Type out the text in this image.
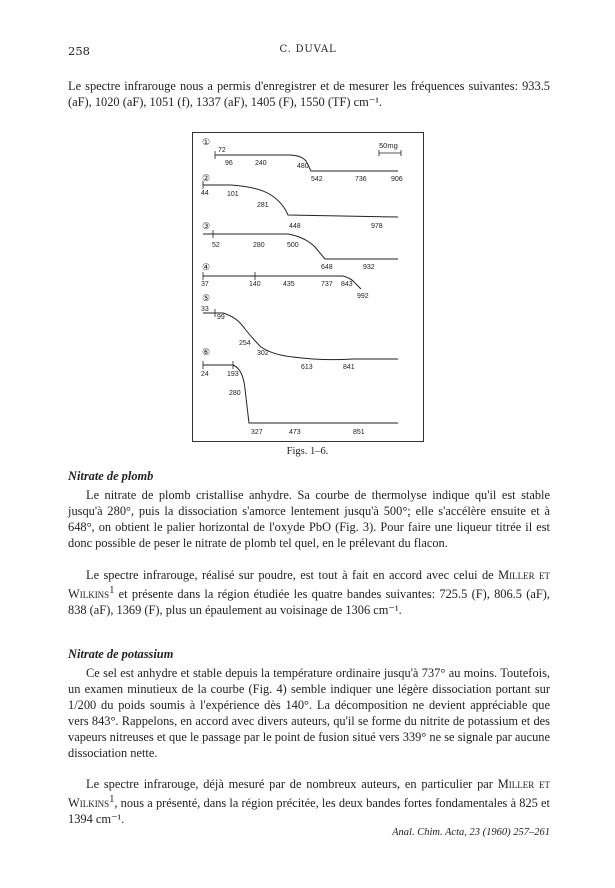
258	C. DUVAL

Le spectre infrarouge nous a permis d'enregistrer et de mesurer les fréquences suivantes: 933.5 (aF), 1020 (aF), 1051 (f), 1337 (aF), 1405 (F), 1550 (TF) cm⁻¹.

50mg
①
72
96	240	480
542	736	906
②
44	101
281
448	978
③
52	280	500
648	932
④
37	140	435	737 843
992
⑤
33
99
254
302
613	841
⑥
24	193
280
327	473	851
Figs. 1–6.
Nitrate de plomb

Le nitrate de plomb cristallise anhydre. Sa courbe de thermolyse indique qu'il est stable jusqu'à 280°, puis la dissociation s'amorce lentement jusqu'à 500°; elle s'accélère ensuite et à 648°, on obtient le palier horizontal de l'oxyde PbO (Fig. 3). Pour faire une liqueur titrée il est donc possible de peser le nitrate de plomb tel quel, en le prélevant du flacon.

Le spectre infrarouge, réalisé sur poudre, est tout à fait en accord avec celui de Miller et Wilkins$^1$ et présente dans la région étudiée les quatre bandes suivantes: 725.5 (F), 806.5 (aF), 838 (aF), 1369 (F), plus un épaulement au voisinage de 1306 cm⁻¹.

Nitrate de potassium

Ce sel est anhydre et stable depuis la température ordinaire jusqu'à 737° au moins. Toutefois, un examen minutieux de la courbe (Fig. 4) semble indiquer une légère dissociation portant sur 1/200 du poids soumis à l'expérience dès 140°. La décomposition ne devient appréciable que vers 843°. Rappelons, en accord avec divers auteurs, qu'il se forme du nitrite de potassium et des vapeurs nitreuses et que le passage par le point de fusion situé vers 339° ne se signale par aucune dissociation nette.

Le spectre infrarouge, déjà mesuré par de nombreux auteurs, en particulier par Miller et Wilkins$^1$, nous a présenté, dans la région précitée, les deux bandes fortes fondamentales à 825 et 1394 cm⁻¹.

Anal. Chim. Acta, 23 (1960) 257–261
